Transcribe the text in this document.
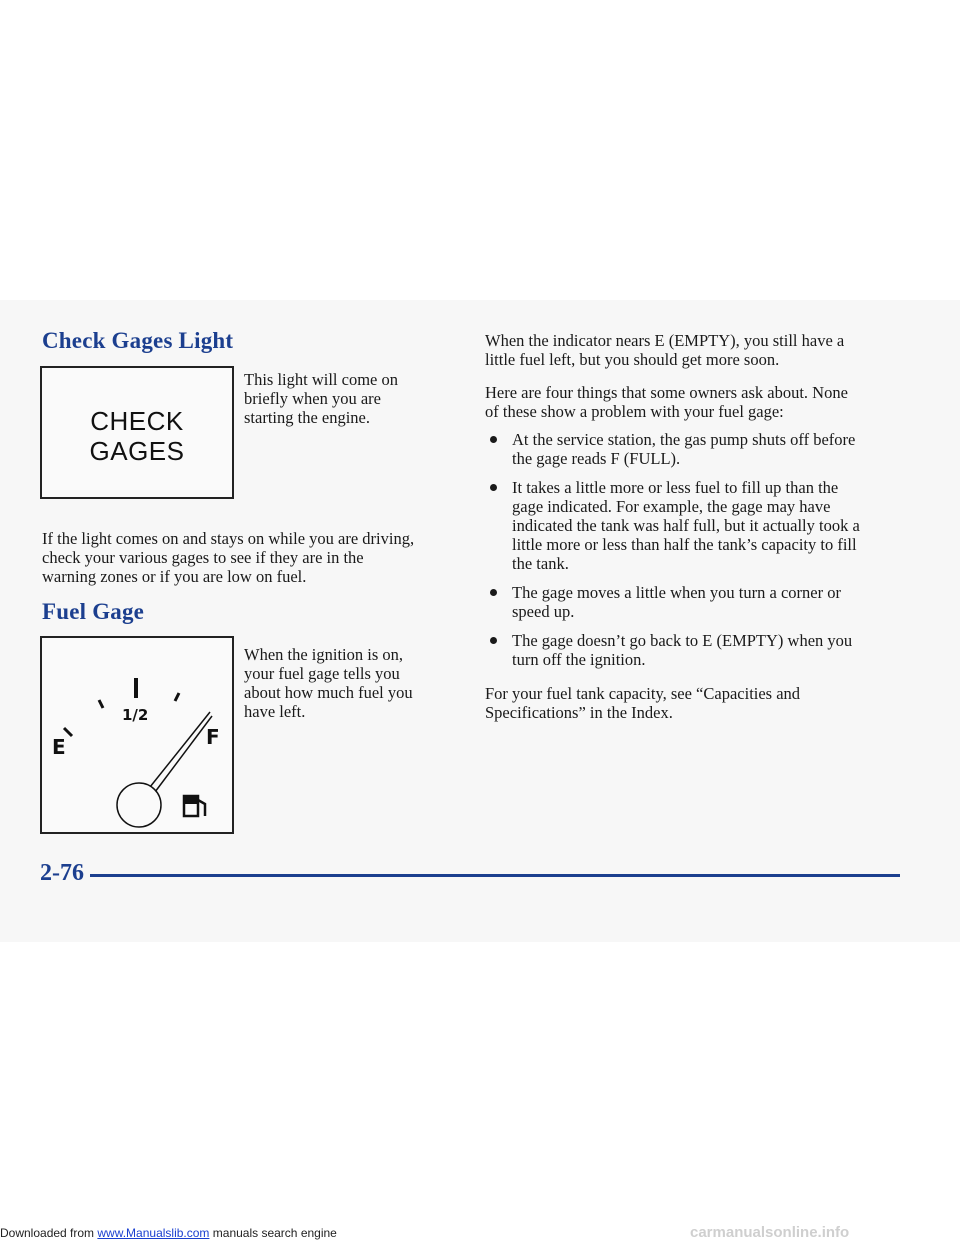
Check Gages Light
CHECK
GAGES
This light will come on
briefly when you are
starting the engine.
If the light comes on and stays on while you are driving,
check your various gages to see if they are in the
warning zones or if you are low on fuel.
Fuel Gage
E
1/2
F
When the ignition is on,
your fuel gage tells you
about how much fuel you
have left.
When the indicator nears E (EMPTY), you still have a
little fuel left, but you should get more soon.
Here are four things that some owners ask about. None
of these show a problem with your fuel gage:
At the service station, the gas pump shuts off before
the gage reads F (FULL).
It takes a little more or less fuel to fill up than the
gage indicated. For example, the gage may have
indicated the tank was half full, but it actually took a
little more or less than half the tank’s capacity to fill
the tank.
The gage moves a little when you turn a corner or
speed up.
The gage doesn’t go back to E (EMPTY) when you
turn off the ignition.
For your fuel tank capacity, see “Capacities and
Specifications” in the Index.
2-76
Downloaded from www.Manualslib.com manuals search engine	carmanualsonline.info
